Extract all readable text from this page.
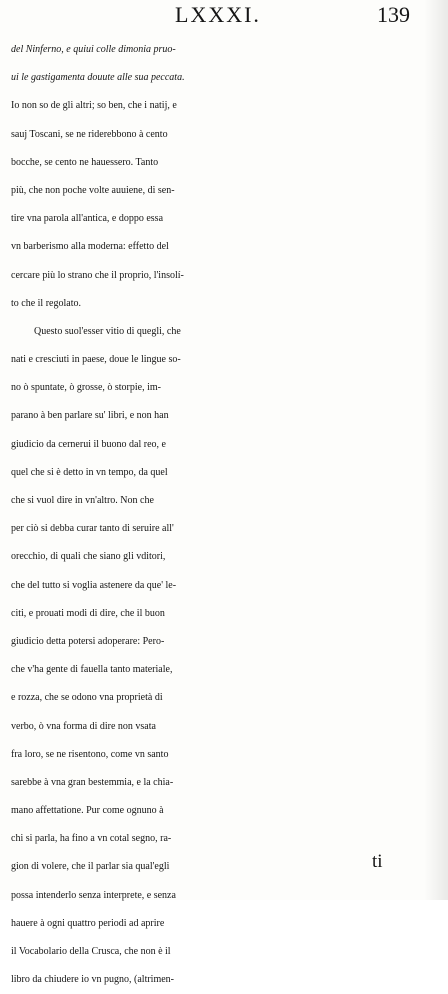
LXXXI.	139
del Ninferno, e quiui colle dimonia pruo-
ui le gastigamenta douute alle sua peccata.
Io non so de gli altri; so ben, che i natij, e
sauj Toscani, se ne riderebbono à cento
bocche, se cento ne hauessero. Tanto
più, che non poche volte auuiene, di sen-
tire vna parola all'antica, e doppo essa
vn barberismo alla moderna: effetto del
cercare più lo strano che il proprio, l'insolí-
to che il regolato.
Questo suol'esser vitio di quegli, che
nati e cresciuti in paese, doue le lingue so-
no ò spuntate, ò grosse, ò storpie, im-
parano à ben parlare su' libri, e non han
giudicio da cernerui il buono dal reo, e
quel che si è detto in vn tempo, da quel
che si vuol dire in vn'altro. Non che
per ciò si debba curar tanto di seruire all'
orecchio, di quali che siano gli vditori,
che del tutto si voglia astenere da que' le-
citi, e prouati modi di dire, che il buon
giudicio detta potersi adoperare: Pero-
che v'ha gente di fauella tanto materiale,
e rozza, che se odono vna proprietà di
verbo, ò vna forma di dire non vsata
fra loro, se ne risentono, come vn santo
sarebbe à vna gran bestemmia, e la chia-
mano affettatione. Pur come ognuno à
chi si parla, ha fino a vn cotal segno, ra-
gion di volere, che il parlar sia qual'egli
possa intenderlo senza interprete, e senza
hauere à ogni quattro periodi ad aprire
il Vocabolario della Crusca, che non è il
libro da chiudere io vn pugno, (altrimen-
ti
